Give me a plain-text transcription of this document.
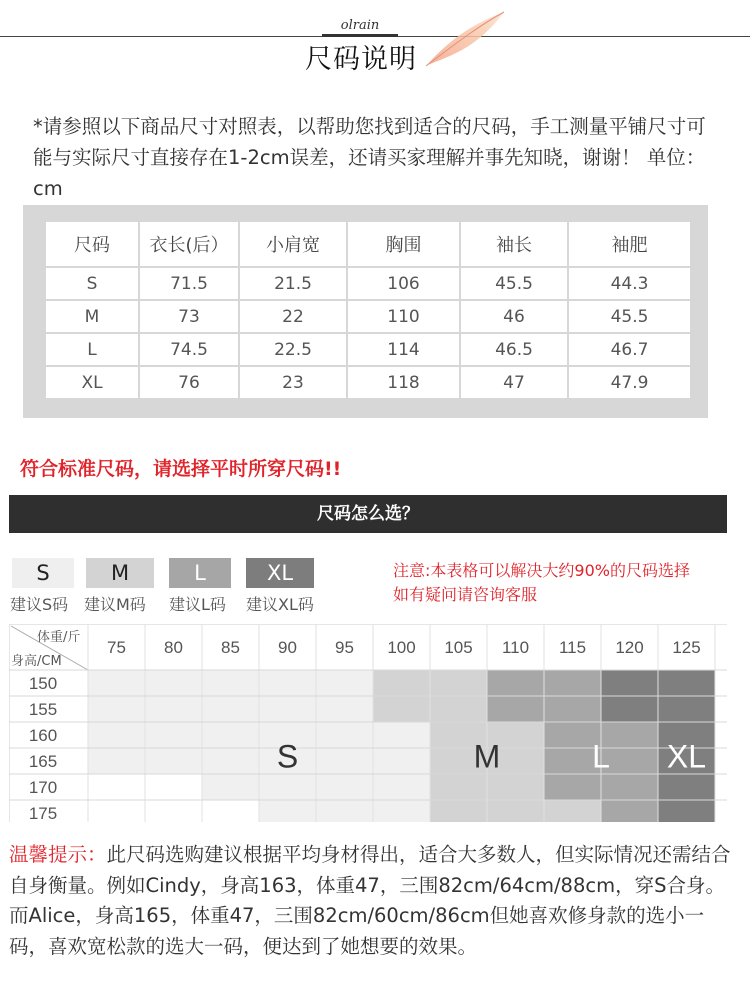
olrain
尺码说明
*请参照以下商品尺寸对照表，以帮助您找到适合的尺码，手工测量平铺尺寸可能与实际尺寸直接存在1-2cm误差，还请买家理解并事先知晓，谢谢！ 单位：cm
尺码	衣长(后）	小肩宽	胸围	袖长	袖肥
S	71.5	21.5	106	45.5	44.3
M	73	22	110	46	45.5
L	74.5	22.5	114	46.5	46.7
XL	76	23	118	47	47.9
符合标准尺码，请选择平时所穿尺码!!
尺码怎么选？
S	M	L	XL
建议S码 建议M码 建议L码 建议XL码
注意:本表格可以解决大约90%的尺码选择
如有疑问请咨询客服
75 80 85 90 95 100 105 110 115 120 125
150
155
160
165
170
175
S	M	L XL
体重/斤
身高/CM
温馨提示：此尺码选购建议根据平均身材得出，适合大多数人，但实际情况还需结合自身衡量。例如Cindy，身高163，体重47，三围82cm/64cm/88cm，穿S合身。而Alice，身高165，体重47，三围82cm/60cm/86cm但她喜欢修身款的选小一码，喜欢宽松款的选大一码，便达到了她想要的效果。
